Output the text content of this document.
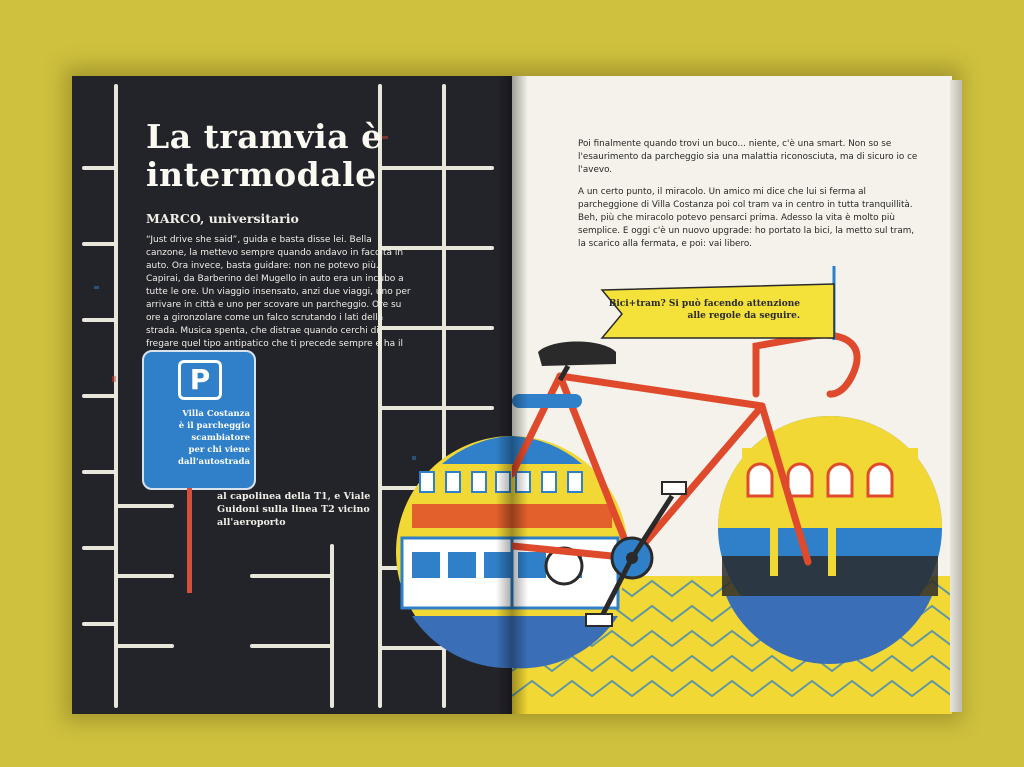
La tramvia è intermodale

MARCO, universitario

“Just drive she said”, guida e basta disse lei. Bella canzone, la mettevo sempre quando andavo in facoltà in auto. Ora invece, basta guidare: non ne potevo più. Capirai, da Barberino del Mugello in auto era un incubo a tutte le ore. Un viaggio insensato, anzi due viaggi, uno per arrivare in città e uno per scovare un parcheggio. Ore su ore a gironzolare come un falco scrutando i lati della strada. Musica spenta, che distrae quando cerchi di fregare quel tipo antipatico che ti precede sempre e ha il

P
Villa Costanza
è il parcheggio
scambiatore
per chi viene
dall'autostrada
al capolinea della T1, e Viale Guidoni sulla linea T2 vicino all'aeroporto

Poi finalmente quando trovi un buco... niente, c'è una smart. Non so se l'esaurimento da parcheggio sia una malattia riconosciuta, ma di sicuro io ce l'avevo.

A un certo punto, il miracolo. Un amico mi dice che lui si ferma al parcheggione di Villa Costanza poi col tram va in centro in tutta tranquillità. Beh, più che miracolo potevo pensarci prima. Adesso la vita è molto più semplice. E oggi c'è un nuovo upgrade: ho portato la bici, la metto sul tram, la scarico alla fermata, e poi: vai libero.

Bici+tram? Si può facendo attenzione alle regole da seguire.
